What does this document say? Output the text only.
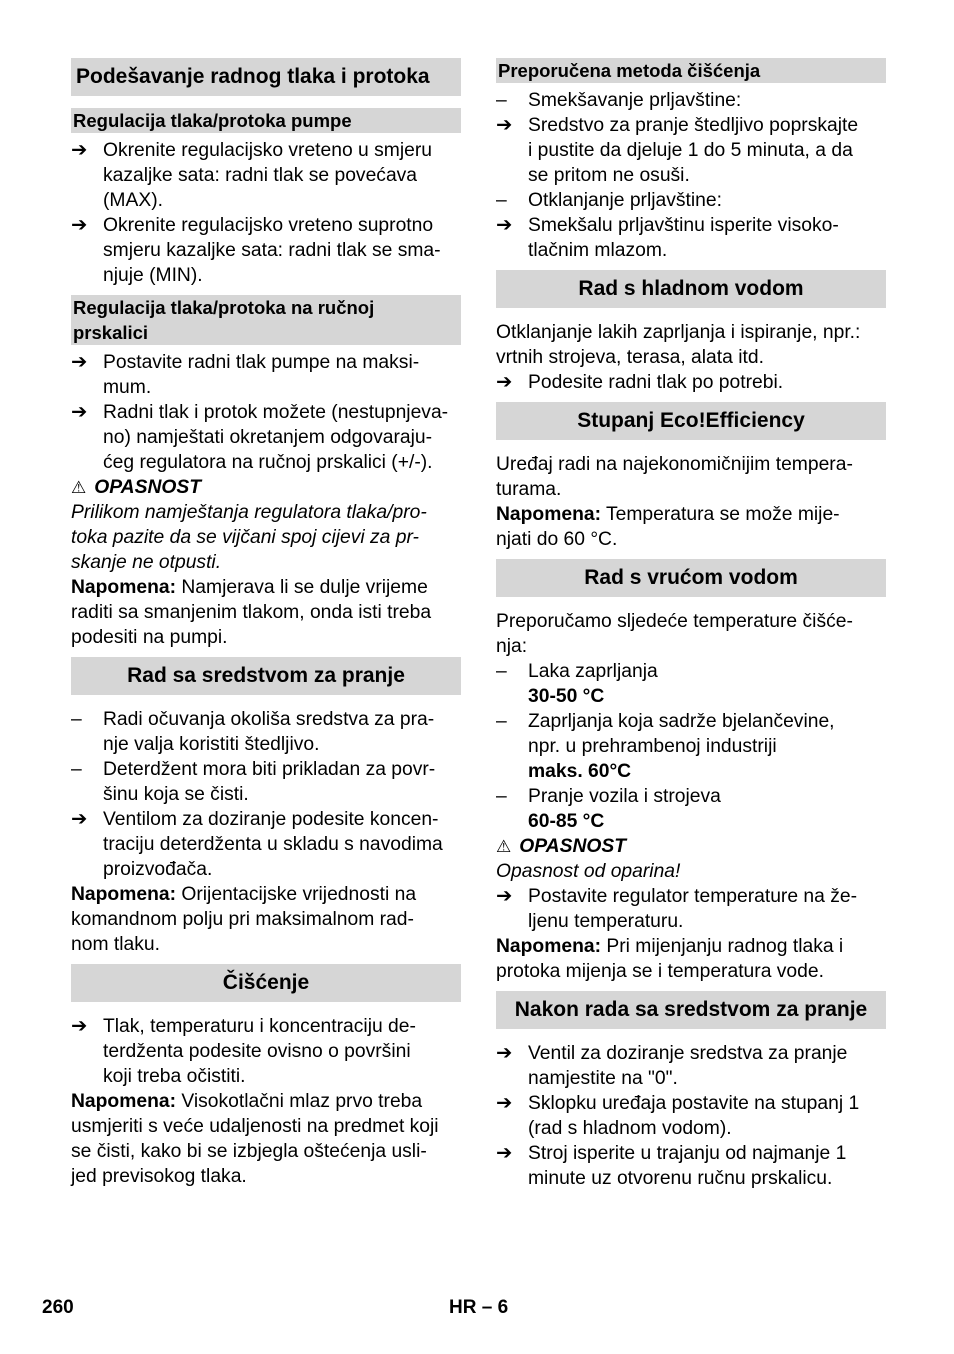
Podešavanje radnog tlaka i protoka
Regulacija tlaka/protoka pumpe
➔ Okrenite regulacijsko vreteno u smjeru
kazaljke sata: radni tlak se povećava
(MAX).
➔ Okrenite regulacijsko vreteno suprotno
smjeru kazaljke sata: radni tlak se sma-
njuje (MIN).
Regulacija tlaka/protoka na ručnoj
prskalici
➔ Postavite radni tlak pumpe na maksi-
mum.
➔ Radni tlak i protok možete (nestupnjeva-
no) namještati okretanjem odgovaraju-
ćeg regulatora na ručnoj prskalici (+/-).
⚠ OPASNOST
Prilikom namještanja regulatora tlaka/pro-
toka pazite da se vijčani spoj cijevi za pr-
skanje ne otpusti.
Napomena: Namjerava li se dulje vrijeme
raditi sa smanjenim tlakom, onda isti treba
podesiti na pumpi.
Rad sa sredstvom za pranje
–	Radi očuvanja okoliša sredstva za pra-
nje valja koristiti štedljivo.
–	Deterdžent mora biti prikladan za povr-
šinu koja se čisti.
➔ Ventilom za doziranje podesite koncen-
traciju deterdženta u skladu s navodima
proizvođača.
Napomena: Orijentacijske vrijednosti na
komandnom polju pri maksimalnom rad-
nom tlaku.
Čišćenje
➔ Tlak, temperaturu i koncentraciju de-
terdženta podesite ovisno o površini
koji treba očistiti.
Napomena: Visokotlačni mlaz prvo treba
usmjeriti s veće udaljenosti na predmet koji
se čisti, kako bi se izbjegla oštećenja usli-
jed previsokog tlaka.
Preporučena metoda čišćenja
–	Smekšavanje prljavštine:
➔ Sredstvo za pranje štedljivo poprskajte
i pustite da djeluje 1 do 5 minuta, a da
se pritom ne osuši.
–	Otklanjanje prljavštine:
➔ Smekšalu prljavštinu isperite visoko-
tlačnim mlazom.
Rad s hladnom vodom
Otklanjanje lakih zaprljanja i ispiranje, npr.:
vrtnih strojeva, terasa, alata itd.
➔ Podesite radni tlak po potrebi.
Stupanj Eco!Efficiency
Uređaj radi na najekonomičnijim tempera-
turama.
Napomena: Temperatura se može mije-
njati do 60 °C.
Rad s vrućom vodom
Preporučamo sljedeće temperature čišće-
nja:
–	Laka zaprljanja
30-50 °C
–	Zaprljanja koja sadrže bjelančevine,
npr. u prehrambenoj industriji
maks. 60°C
–	Pranje vozila i strojeva
60-85 °C
⚠ OPASNOST
Opasnost od oparina!
➔ Postavite regulator temperature na že-
ljenu temperaturu.
Napomena: Pri mijenjanju radnog tlaka i
protoka mijenja se i temperatura vode.
Nakon rada sa sredstvom za pranje
➔ Ventil za doziranje sredstva za pranje
namjestite na "0".
➔ Sklopku uređaja postavite na stupanj 1
(rad s hladnom vodom).
➔ Stroj isperite u trajanju od najmanje 1
minute uz otvorenu ručnu prskalicu.
260	HR – 6
